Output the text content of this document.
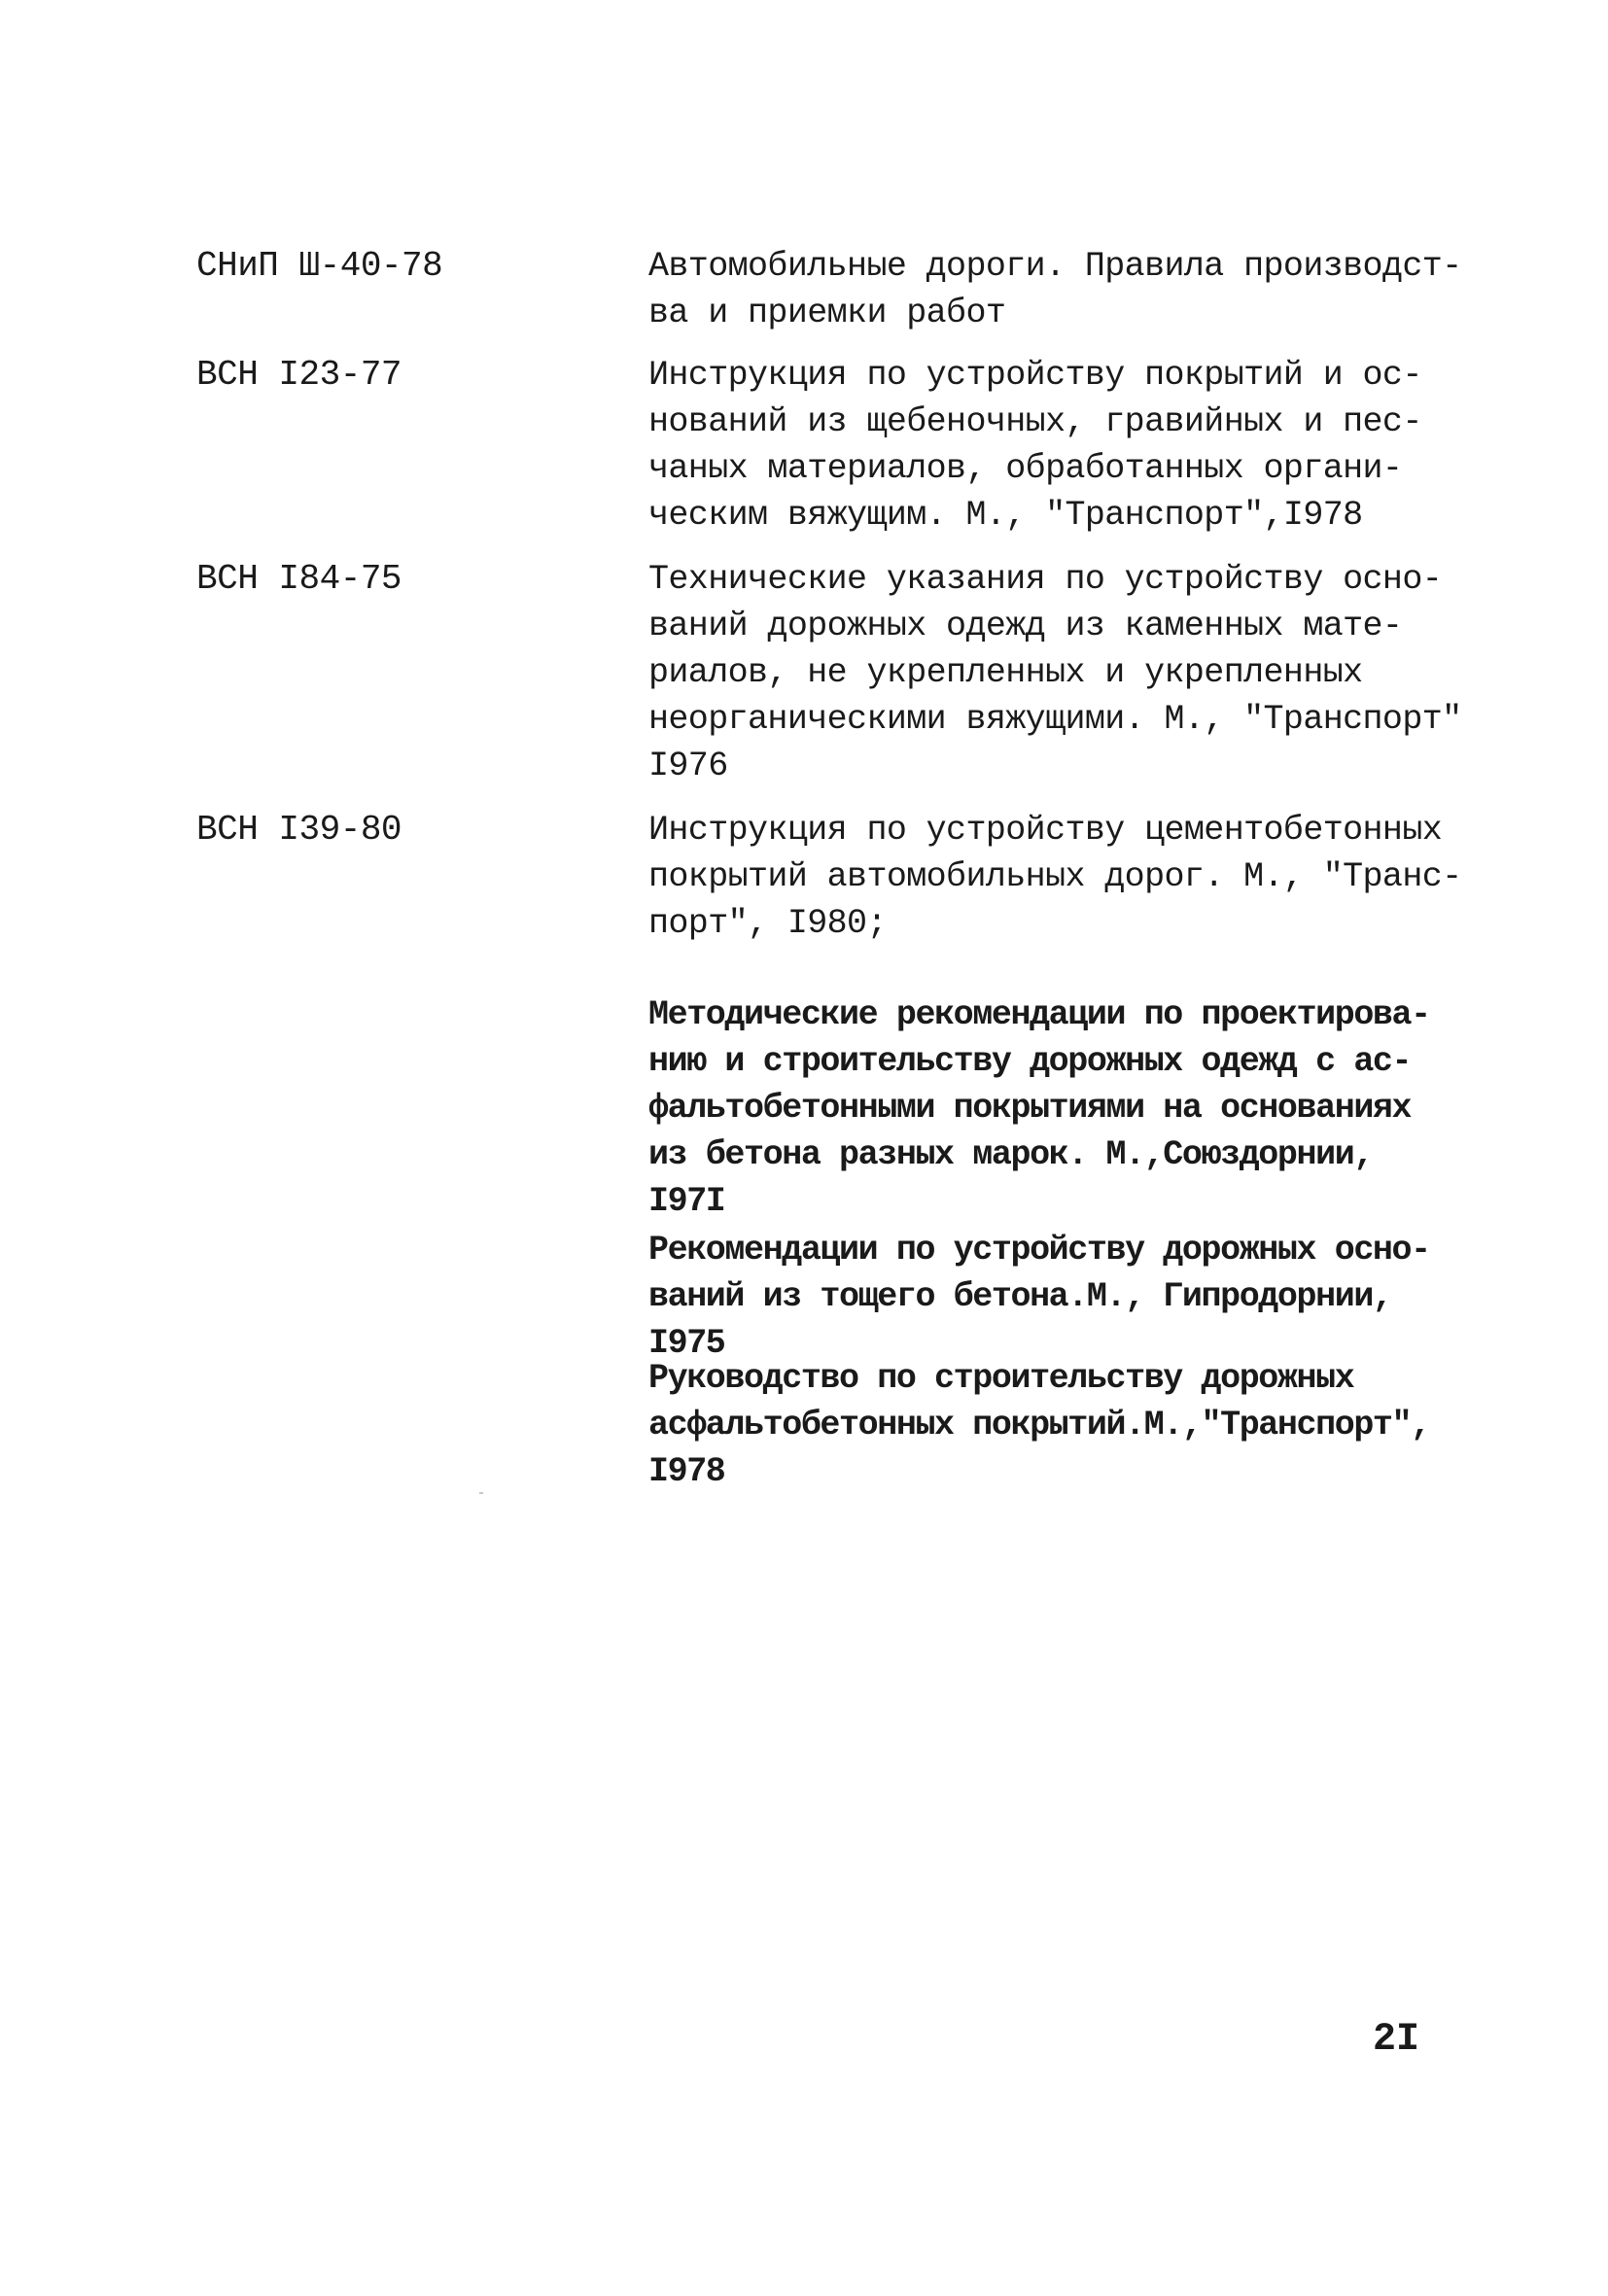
СНиП Ш-40-78	Автомобильные дороги. Правила производст-
ва и приемки работ
ВСН I23-77	Инструкция по устройству покрытий и ос-
нований из щебеночных, гравийных и пес-
чаных материалов, обработанных органи-
ческим вяжущим. М., "Транспорт",I978
ВСН I84-75	Технические указания по устройству осно-
ваний дорожных одежд из каменных мате-
риалов, не укрепленных и укрепленных
неорганическими вяжущими. М., "Транспорт"
I976
ВСН I39-80	Инструкция по устройству цементобетонных
покрытий автомобильных дорог. М., "Транс-
порт", I980;
Методические рекомендации по проектирова-
нию и строительству дорожных одежд с ас-
фальтобетонными покрытиями на основаниях
из бетона разных марок. М.,Союздорнии,
I97I
Рекомендации по устройству дорожных осно-
ваний из тощего бетона.М., Гипродорнии,
I975
Руководство по строительству дорожных
асфальтобетонных покрытий.М.,"Транспорт",
I978
2I
